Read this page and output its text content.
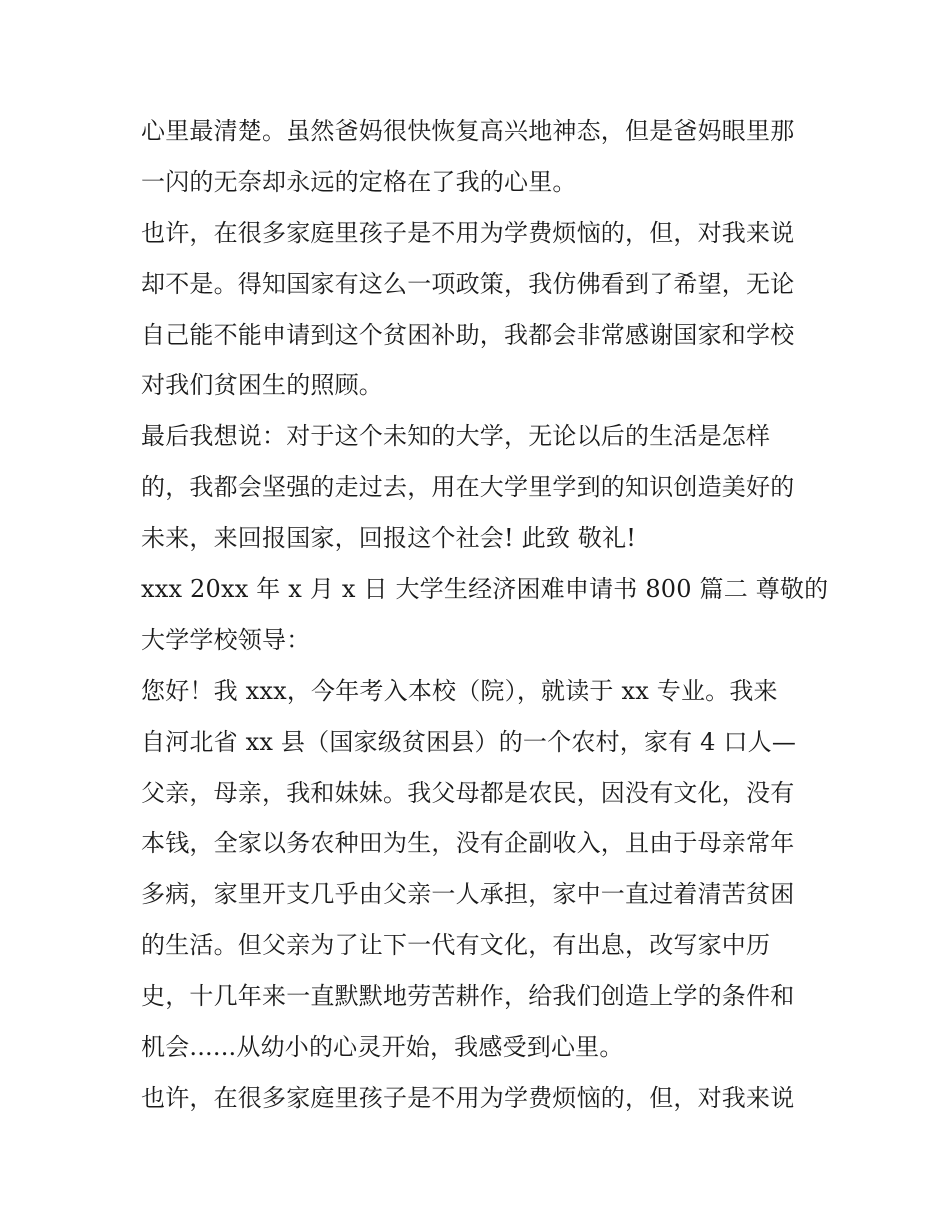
心里最清楚。虽然爸妈很快恢复高兴地神态，但是爸妈眼里那
一闪的无奈却永远的定格在了我的心里。
也许，在很多家庭里孩子是不用为学费烦恼的，但，对我来说
却不是。得知国家有这么一项政策，我仿佛看到了希望，无论
自己能不能申请到这个贫困补助，我都会非常感谢国家和学校
对我们贫困生的照顾。
最后我想说：对于这个未知的大学，无论以后的生活是怎样
的，我都会坚强的走过去，用在大学里学到的知识创造美好的
未来，来回报国家，回报这个社会! 此致 敬礼!
xxx 20xx 年 x 月 x 日 大学生经济困难申请书 800 篇二 尊敬的
大学学校领导：
您好！我 xxx，今年考入本校（院），就读于 xx 专业。我来
自河北省 xx 县（国家级贫困县）的一个农村，家有 4 口人—
父亲，母亲，我和妹妹。我父母都是农民，因没有文化，没有
本钱，全家以务农种田为生，没有企副收入，且由于母亲常年
多病，家里开支几乎由父亲一人承担，家中一直过着清苦贫困
的生活。但父亲为了让下一代有文化，有出息，改写家中历
史，十几年来一直默默地劳苦耕作，给我们创造上学的条件和
机会......从幼小的心灵开始，我感受到心里。
也许，在很多家庭里孩子是不用为学费烦恼的，但，对我来说
